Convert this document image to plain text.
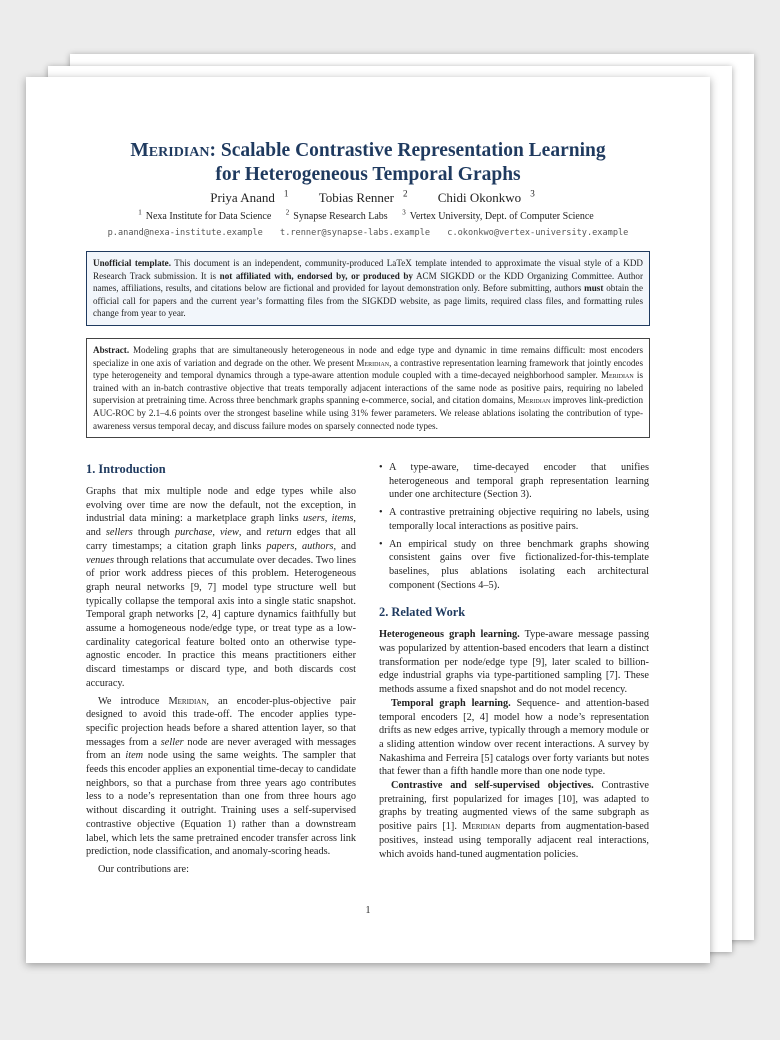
Meridian: Scalable Contrastive Representation Learning
for Heterogeneous Temporal Graphs
Priya Anand $^1$ Tobias Renner $^2$ Chidi Okonkwo $^3$
$^1$ Nexa Institute for Data Science $^2$ Synapse Research Labs $^3$ Vertex University, Dept. of Computer Science
p.anand@nexa-institute.example t.renner@synapse-labs.example c.okonkwo@vertex-university.example
Unofficial template. This document is an independent, community-produced LaTeX template intended to approximate the visual style of a KDD Research Track submission. It is not affiliated with, endorsed by, or produced by ACM SIGKDD or the KDD Organizing Committee. Author names, affiliations, results, and citations below are fictional and provided for layout demonstration only. Before submitting, authors must obtain the official call for papers and the current year’s formatting files from the SIGKDD website, as page limits, required class files, and formatting rules change from year to year.
Abstract. Modeling graphs that are simultaneously heterogeneous in node and edge type and dynamic in time remains difficult: most encoders specialize in one axis of variation and degrade on the other. We present Meridian, a contrastive representation learning framework that jointly encodes type heterogeneity and temporal dynamics through a type-aware attention module coupled with a time-decayed neighborhood sampler. Meridian is trained with an in-batch contrastive objective that treats temporally adjacent interactions of the same node as positive pairs, requiring no labeled supervision at pretraining time. Across three benchmark graphs spanning e-commerce, social, and citation domains, Meridian improves link-prediction AUC-ROC by 2.1–4.6 points over the strongest baseline while using 31% fewer parameters. We release ablations isolating the contribution of type-awareness versus temporal decay, and discuss failure modes on sparsely connected node types.
1. Introduction

Graphs that mix multiple node and edge types while also evolving over time are now the default, not the exception, in industrial data mining: a marketplace graph links users, items, and sellers through purchase, view, and return edges that all carry timestamps; a citation graph links papers, authors, and venues through relations that accumulate over decades. Two lines of prior work address pieces of this problem. Heterogeneous graph neural networks [9, 7] model type structure well but typically collapse the temporal axis into a single static snapshot. Temporal graph networks [2, 4] capture dynamics faithfully but assume a homogeneous node/edge type, or treat type as a low-cardinality categorical feature bolted onto an otherwise type-agnostic encoder. In practice this means practitioners either discard timestamps or discard type, and both discards cost accuracy.

We introduce Meridian, an encoder-plus-objective pair designed to avoid this trade-off. The encoder applies type-specific projection heads before a shared attention layer, so that messages from a seller node are never averaged with messages from an item node using the same weights. The sampler that feeds this encoder applies an exponential time-decay to candidate neighbors, so that a purchase from three years ago contributes less to a node’s representation than one from three hours ago without discarding it outright. Training uses a self-supervised contrastive objective (Equation 1) rather than a downstream label, which lets the same pretrained encoder transfer across link prediction, node classification, and anomaly-scoring heads.

Our contributions are:

• A type-aware, time-decayed encoder that unifies heterogeneous and temporal graph representation learning under one architecture (Section 3).
• A contrastive pretraining objective requiring no labels, using temporally local interactions as positive pairs.
• An empirical study on three benchmark graphs showing consistent gains over five fictionalized-for-this-template baselines, plus ablations isolating each architectural component (Sections 4–5).
2. Related Work

Heterogeneous graph learning. Type-aware message passing was popularized by attention-based encoders that learn a distinct transformation per node/edge type [9], later scaled to billion-edge industrial graphs via type-partitioned sampling [7]. These methods assume a fixed snapshot and do not model recency.

Temporal graph learning. Sequence- and attention-based temporal encoders [2, 4] model how a node’s representation drifts as new edges arrive, typically through a memory module or a sliding attention window over recent interactions. A survey by Nakashima and Ferreira [5] catalogs over forty variants but notes that fewer than a fifth handle more than one node type.

Contrastive and self-supervised objectives. Contrastive pretraining, first popularized for images [10], was adapted to graphs by treating augmented views of the same subgraph as positive pairs [1]. Meridian departs from augmentation-based positives, instead using temporally adjacent real interactions, which avoids hand-tuned augmentation policies.

1
